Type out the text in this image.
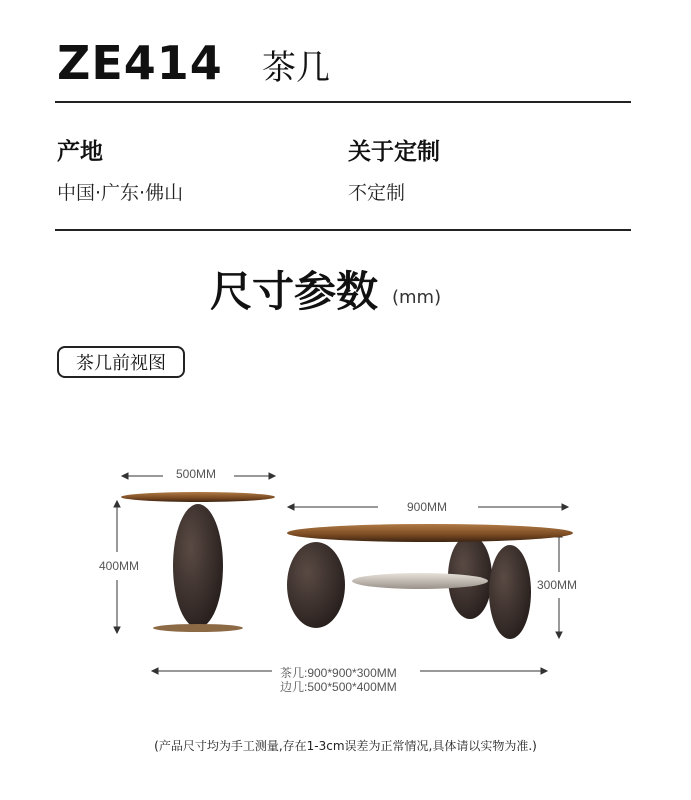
ZE414 茶几
产地
中国·广东·佛山
关于定制
不定制
尺寸参数 (mm)
茶几前视图
500MM
400MM
900MM
300MM
茶几:900*900*300MM
边几:500*500*400MM
(产品尺寸均为手工测量,存在1-3cm误差为正常情况,具体请以实物为准.)
